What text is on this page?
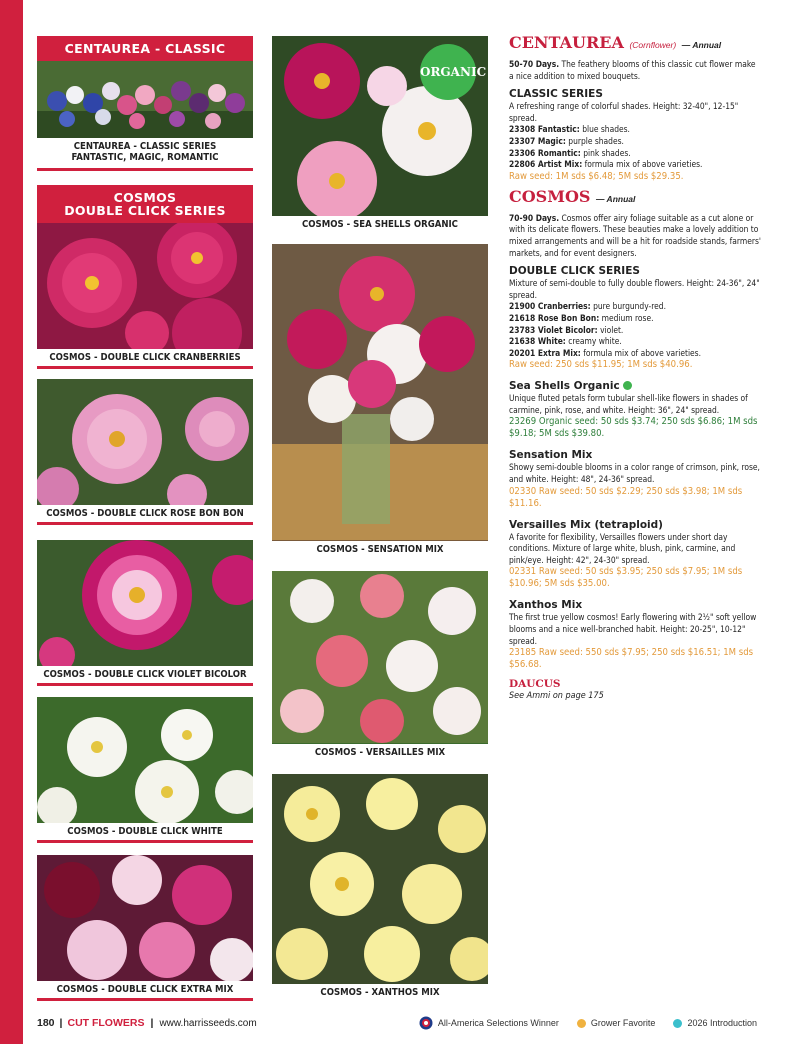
CENTAUREA - CLASSIC
CENTAUREA - CLASSIC SERIES
FANTASTIC, MAGIC, ROMANTIC
COSMOS
DOUBLE CLICK SERIES
COSMOS - DOUBLE CLICK CRANBERRIES
COSMOS - DOUBLE CLICK ROSE BON BON
COSMOS - DOUBLE CLICK VIOLET BICOLOR
COSMOS - DOUBLE CLICK WHITE
COSMOS - DOUBLE CLICK EXTRA MIX
ORGANIC
COSMOS - SEA SHELLS ORGANIC
COSMOS - SENSATION MIX
COSMOS - VERSAILLES MIX
COSMOS - XANTHOS MIX
CENTAUREA (Cornflower) — Annual

50-70 Days. The feathery blooms of this classic cut flower make a nice addition to mixed bouquets.

CLASSIC SERIES

A refreshing range of colorful shades. Height: 32-40", 12-15" spread.

23308 Fantastic: blue shades.

23307 Magic: purple shades.

23306 Romantic: pink shades.

22806 Artist Mix: formula mix of above varieties.

Raw seed: 1M sds $6.48; 5M sds $29.35.

COSMOS — Annual

70-90 Days. Cosmos offer airy foliage suitable as a cut alone or with its delicate flowers. These beauties make a lovely addition to mixed arrangements and will be a hit for roadside stands, farmers' markets, and for event designers.

DOUBLE CLICK SERIES

Mixture of semi-double to fully double flowers. Height: 24-36", 24" spread.

21900 Cranberries: pure burgundy-red.

21618 Rose Bon Bon: medium rose.

23783 Violet Bicolor: violet.

21638 White: creamy white.

20201 Extra Mix: formula mix of above varieties.

Raw seed: 250 sds $11.95; 1M sds $40.96.

Sea Shells Organic

Unique fluted petals form tubular shell-like flowers in shades of carmine, pink, rose, and white. Height: 36", 24" spread.

23269 Organic seed: 50 sds $3.74; 250 sds $6.86; 1M sds $9.18; 5M sds $39.80.

Sensation Mix

Showy semi-double blooms in a color range of crimson, pink, rose, and white. Height: 48", 24-36" spread.

02330 Raw seed: 50 sds $2.29; 250 sds $3.98; 1M sds $11.16.

Versailles Mix (tetraploid)

A favorite for flexibility, Versailles flowers under short day conditions. Mixture of large white, blush, pink, carmine, and pink/eye. Height: 42", 24-30" spread.

02331 Raw seed: 50 sds $3.95; 250 sds $7.95; 1M sds $10.96; 5M sds $35.00.

Xanthos Mix

The first true yellow cosmos! Early flowering with 2½" soft yellow blooms and a nice well-branched habit. Height: 20-25", 10-12" spread.

23185 Raw seed: 550 sds $7.95; 250 sds $16.51; 1M sds $56.68.

DAUCUS

See Ammi on page 175

180 | CUT FLOWERS | www.harrisseeds.com	All-America Selections Winner	Grower Favorite	2026 Introduction
